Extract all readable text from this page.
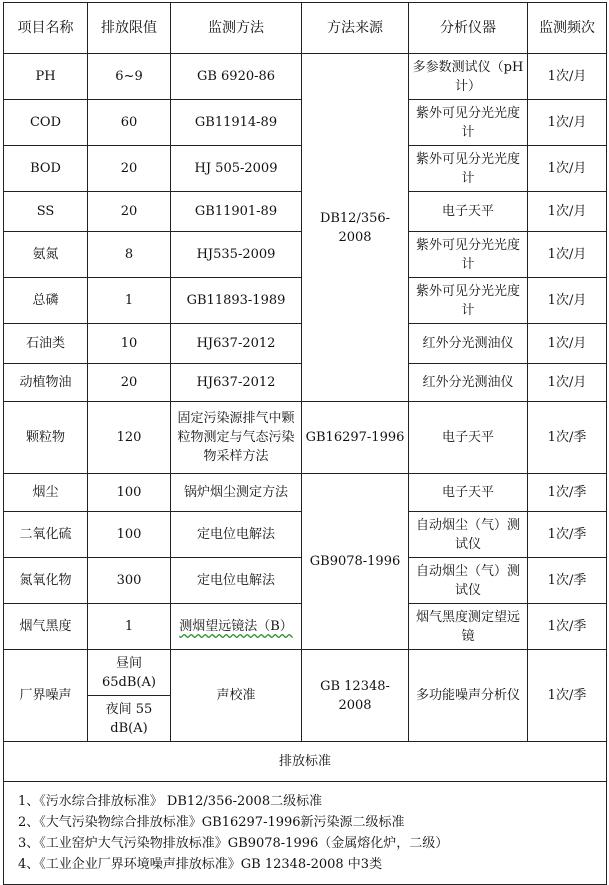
项目名称	排放限值	监测方法	方法来源	分析仪器	监测频次
PH	6~9	GB 6920-86	DB12/356-2008	多参数测试仪（pH计）	1次/月
COD	60	GB11914-89		紫外可见分光光度计	1次/月
BOD	20	HJ 505-2009		紫外可见分光光度计	1次/月
SS	20	GB11901-89		电子天平	1次/月
氨氮	8	HJ535-2009		紫外可见分光光度计	1次/月
总磷	1	GB11893-1989		紫外可见分光光度计	1次/月
石油类	10	HJ637-2012		红外分光测油仪	1次/月
动植物油	20	HJ637-2012		红外分光测油仪	1次/月
颗粒物	120	固定污染源排气中颗粒物测定与气态污染物采样方法	GB16297-1996	电子天平	1次/季
烟尘	100	锅炉烟尘测定方法	GB9078-1996	电子天平	1次/季
二氧化硫	100	定电位电解法		自动烟尘（气）测试仪	1次/季
氮氧化物	300	定电位电解法		自动烟尘（气）测试仪	1次/季
烟气黑度	1	测烟望远镜法（B）		烟气黑度测定望远镜	1次/季
厂界噪声	昼间 65dB(A)	声校准	GB 12348-2008	多功能噪声分析仪	1次/季
	夜间 55 dB(A)				
排放标准					

1、《污水综合排放标准》 DB12/356-2008二级标准

2、《大气污染物综合排放标准》GB16297-1996新污染源二级标准

3、《工业窑炉大气污染物排放标准》GB9078-1996（金属熔化炉，二级）

4、《工业企业厂界环境噪声排放标准》GB 12348-2008 中3类					
